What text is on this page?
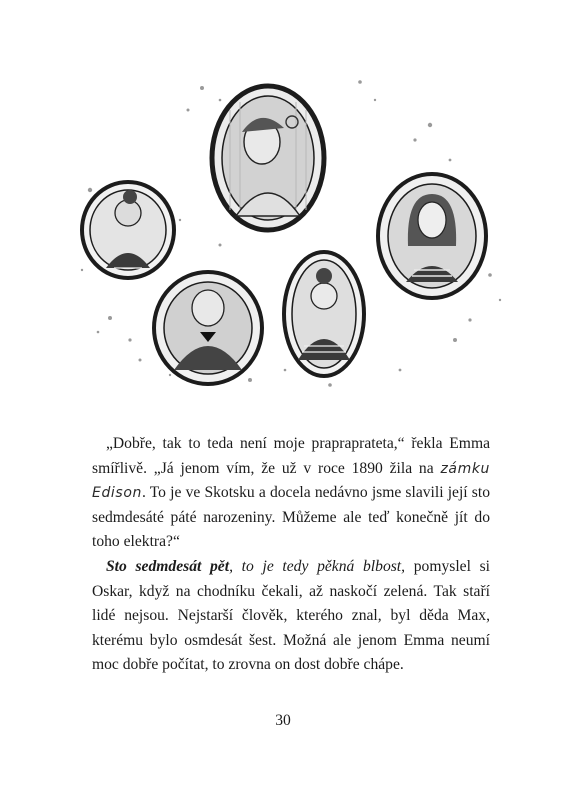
„Dobře, tak to teda není moje prapraprateta,“ řekla Emma smířlivě. „Já jenom vím, že už v roce 1890 žila na zámku Edison. To je ve Skotsku a docela nedávno jsme slavili její sto sedmdesáté páté narozeniny. Můžeme ale teď konečně jít do toho elektra?“

Sto sedmdesát pět, to je tedy pěkná blbost, pomyslel si Oskar, když na chodníku čekali, až naskočí zelená. Tak staří lidé nejsou. Nejstarší člověk, kterého znal, byl děda Max, kterému bylo osmdesát šest. Možná ale jenom Emma neumí moc dobře počítat, to zrovna on dost dobře chápe.

30
